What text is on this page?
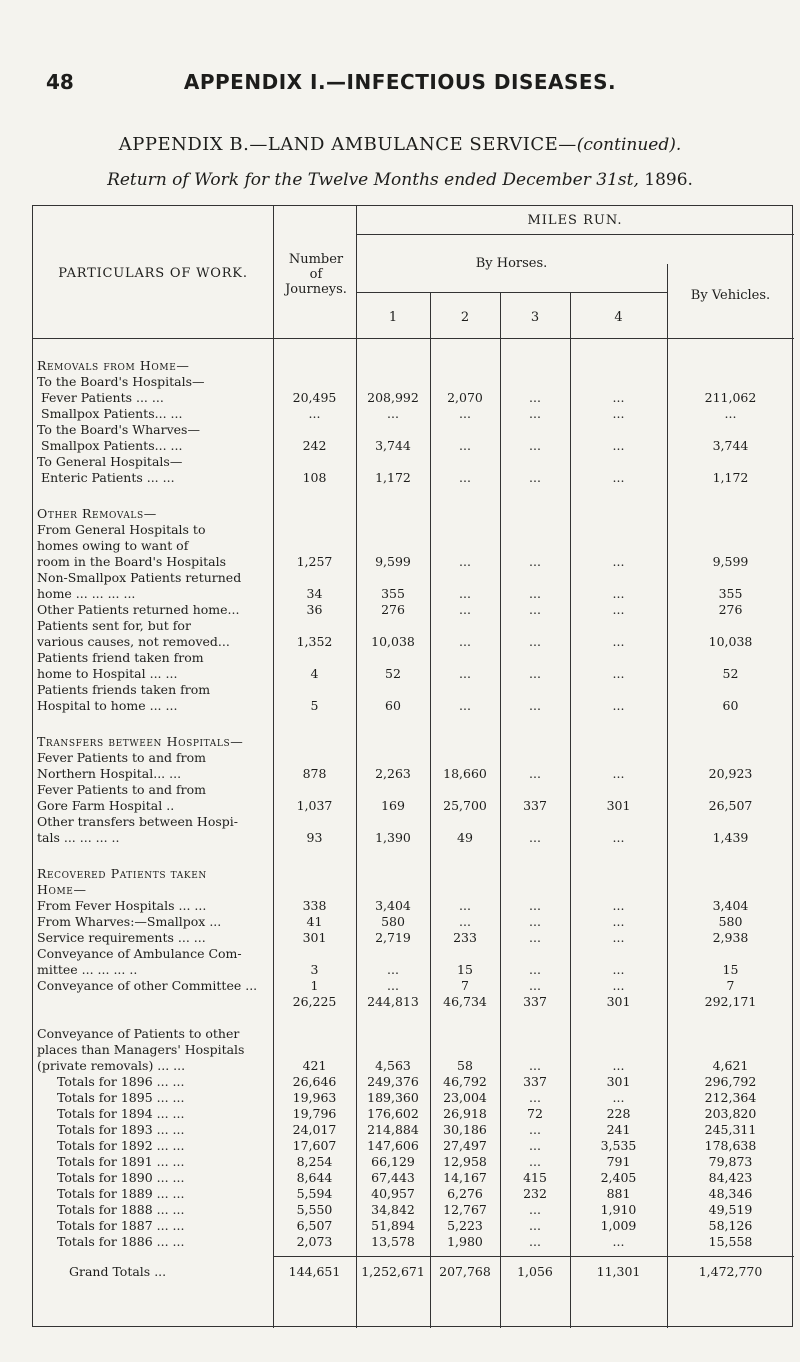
48	APPENDIX I.—INFECTIOUS DISEASES.
APPENDIX B.—LAND AMBULANCE SERVICE—(continued).
Return of Work for the Twelve Months ended December 31st, 1896.
PARTICULARS OF WORK.
Number of Journeys.
MILES RUN.
By Horses.
1	2	3	4
By Vehicles.
Removals from Home—
To the Board's Hospitals—
Fever Patients ... ...	20,495	208,992	2,070	...	...	211,062
Smallpox Patients... ...	...	...	...	...	...	...
To the Board's Wharves—
Smallpox Patients... ...	242	3,744	...	...	...	3,744
To General Hospitals—
Enteric Patients ... ...	108	1,172	...	...	...	1,172
Other Removals—
From General Hospitals to
homes owing to want of
room in the Board's Hospitals	1,257	9,599	...	...	...	9,599
Non-Smallpox Patients returned
home ... ... ... ...	34	355	...	...	...	355
Other Patients returned home...	36	276	...	...	...	276
Patients sent for, but for
various causes, not removed...	1,352	10,038	...	...	...	10,038
Patients friend taken from
home to Hospital ... ...	4	52	...	...	...	52
Patients friends taken from
Hospital to home ... ...	5	60	...	...	...	60
Transfers between Hospitals—
Fever Patients to and from
Northern Hospital... ...	878	2,263	18,660	...	...	20,923
Fever Patients to and from
Gore Farm Hospital ..	1,037	169	25,700	337	301	26,507
Other transfers between Hospi-
tals ... ... ... ..	93	1,390	49	...	...	1,439
Recovered Patients taken
Home—
From Fever Hospitals ... ...	338	3,404	...	...	...	3,404
From Wharves:—Smallpox ...	41	580	...	...	...	580
Service requirements ... ...	301	2,719	233	...	...	2,938
Conveyance of Ambulance Com-
mittee ... ... ... ..	3	...	15	...	...	15
Conveyance of other Committee ...	1	...	7	...	...	7
26,225	244,813	46,734	337	301	292,171
Conveyance of Patients to other
places than Managers' Hospitals
(private removals) ... ...	421	4,563	58	...	...	4,621
Totals for 1896 ... ...	26,646	249,376	46,792	337	301	296,792
Totals for 1895 ... ...	19,963	189,360	23,004	...	...	212,364
Totals for 1894 ... ...	19,796	176,602	26,918	72	228	203,820
Totals for 1893 ... ...	24,017	214,884	30,186	...	241	245,311
Totals for 1892 ... ...	17,607	147,606	27,497	...	3,535	178,638
Totals for 1891 ... ...	8,254	66,129	12,958	...	791	79,873
Totals for 1890 ... ...	8,644	67,443	14,167	415	2,405	84,423
Totals for 1889 ... ...	5,594	40,957	6,276	232	881	48,346
Totals for 1888 ... ...	5,550	34,842	12,767	...	1,910	49,519
Totals for 1887 ... ...	6,507	51,894	5,223	...	1,009	58,126
Totals for 1886 ... ...	2,073	13,578	1,980	...	...	15,558
Grand Totals ...	144,651	1,252,671	207,768	1,056	11,301	1,472,770
